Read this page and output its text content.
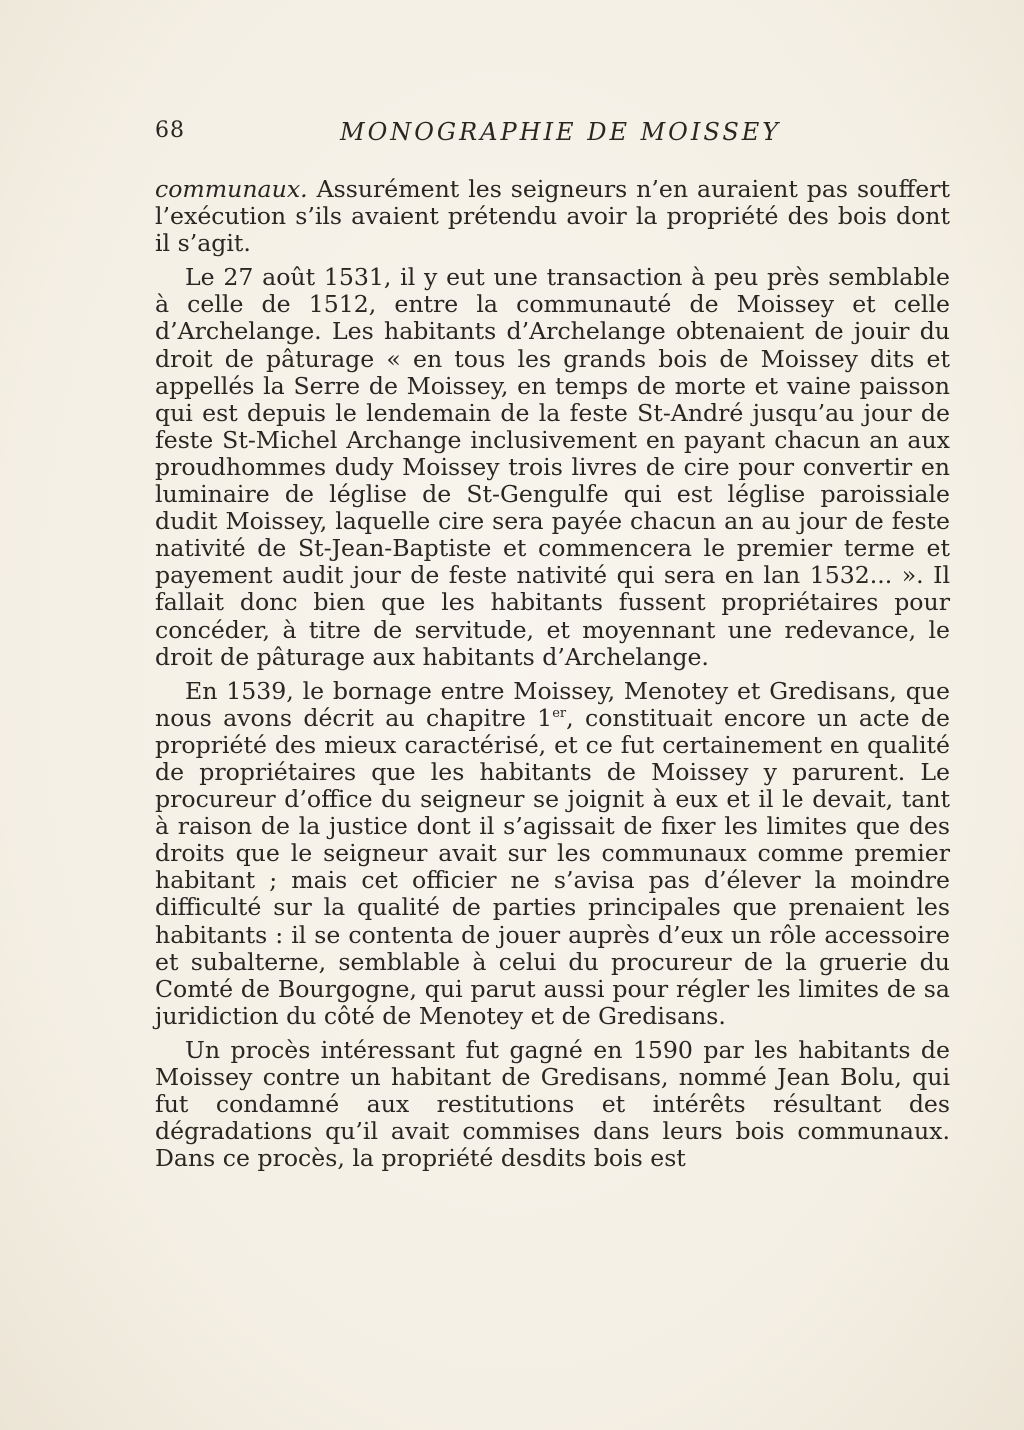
68	MONOGRAPHIE DE MOISSEY

communaux. Assurément les seigneurs n’en auraient pas souffert l’exécution s’ils avaient prétendu avoir la propriété des bois dont il s’agit.

Le 27 août 1531, il y eut une transaction à peu près semblable à celle de 1512, entre la communauté de Moissey et celle d’Archelange. Les habitants d’Archelange obtenaient de jouir du droit de pâturage « en tous les grands bois de Moissey dits et appellés la Serre de Moissey, en temps de morte et vaine paisson qui est depuis le lendemain de la feste St-André jusqu’au jour de feste St-Michel Archange inclusivement en payant chacun an aux proudhommes dudy Moissey trois livres de cire pour convertir en luminaire de léglise de St-Gengulfe qui est léglise paroissiale dudit Moissey, laquelle cire sera payée chacun an au jour de feste nativité de St-Jean-Baptiste et commencera le premier terme et payement audit jour de feste nativité qui sera en lan 1532... ». Il fallait donc bien que les habitants fussent propriétaires pour concéder, à titre de servitude, et moyennant une redevance, le droit de pâturage aux habitants d’Archelange.

En 1539, le bornage entre Moissey, Menotey et Gredisans, que nous avons décrit au chapitre 1er, constituait encore un acte de propriété des mieux caractérisé, et ce fut certainement en qualité de propriétaires que les habitants de Moissey y parurent. Le procureur d’office du seigneur se joignit à eux et il le devait, tant à raison de la justice dont il s’agissait de fixer les limites que des droits que le seigneur avait sur les communaux comme premier habitant ; mais cet officier ne s’avisa pas d’élever la moindre difficulté sur la qualité de parties principales que prenaient les habitants : il se contenta de jouer auprès d’eux un rôle accessoire et subalterne, semblable à celui du procureur de la gruerie du Comté de Bourgogne, qui parut aussi pour régler les limites de sa juridiction du côté de Menotey et de Gredisans.

Un procès intéressant fut gagné en 1590 par les habitants de Moissey contre un habitant de Gredisans, nommé Jean Bolu, qui fut condamné aux restitutions et intérêts résultant des dégradations qu’il avait commises dans leurs bois communaux. Dans ce procès, la propriété desdits bois est
